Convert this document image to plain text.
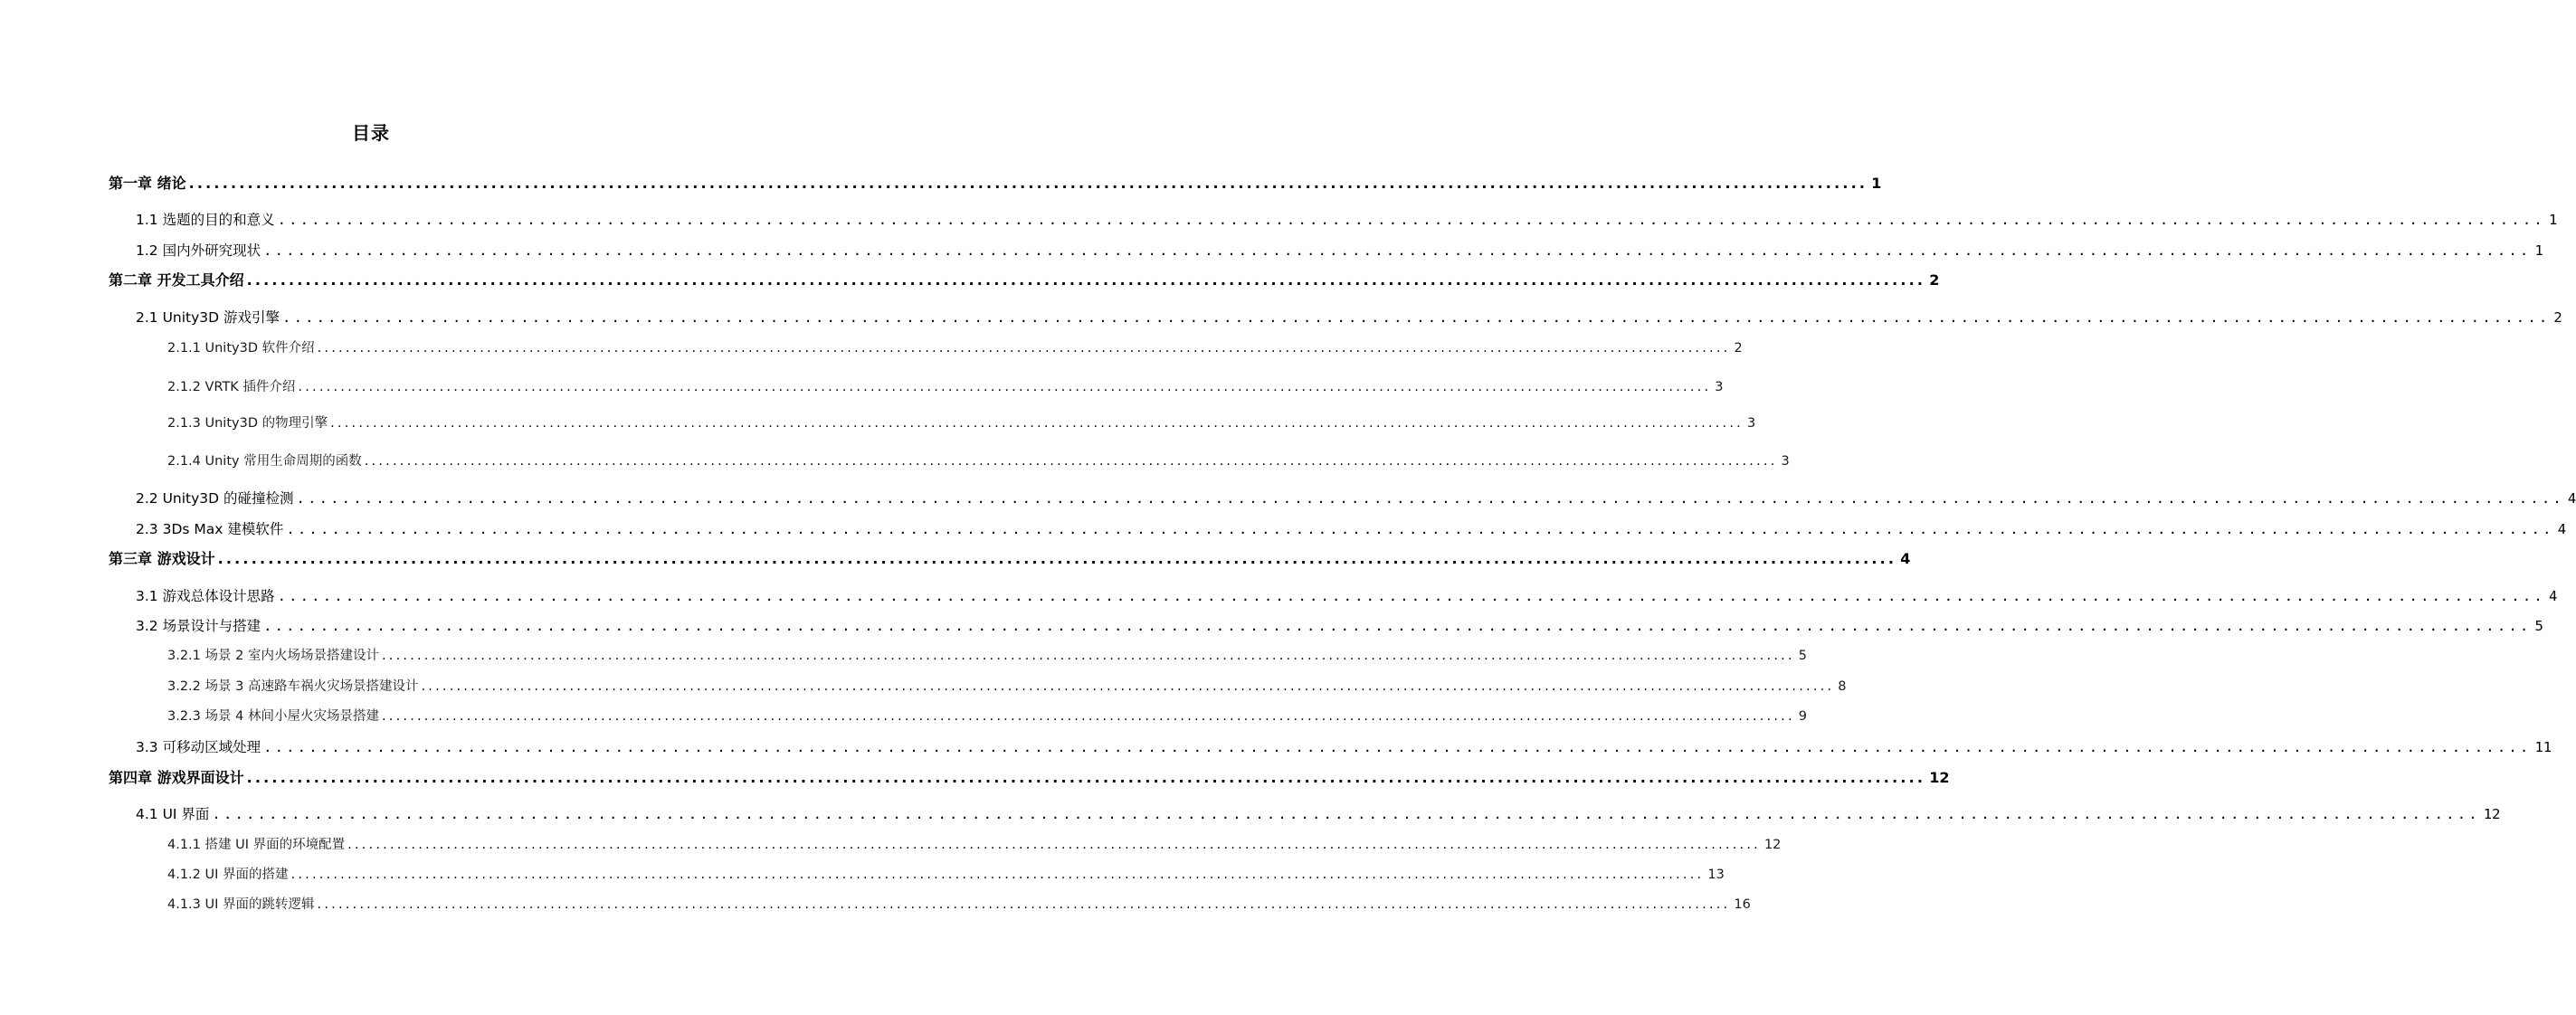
目录
第一章 绪论 ........................................................................................................................................................................................................ 1
1.1 选题的目的和意义 ........................................................................................................................................................................................................ 1
1.2 国内外研究现状 ........................................................................................................................................................................................................ 1
第二章 开发工具介绍 ........................................................................................................................................................................................................ 2
2.1 Unity3D 游戏引擎 ........................................................................................................................................................................................................ 2
2.1.1 Unity3D 软件介绍 ........................................................................................................................................................................................................ 2
2.1.2 VRTK 插件介绍 ........................................................................................................................................................................................................ 3
2.1.3 Unity3D 的物理引擎 ........................................................................................................................................................................................................ 3
2.1.4 Unity 常用生命周期的函数 ........................................................................................................................................................................................................ 3
2.2 Unity3D 的碰撞检测 ........................................................................................................................................................................................................ 4
2.3 3Ds Max 建模软件 ........................................................................................................................................................................................................ 4
第三章 游戏设计 ........................................................................................................................................................................................................ 4
3.1 游戏总体设计思路 ........................................................................................................................................................................................................ 4
3.2 场景设计与搭建 ........................................................................................................................................................................................................ 5
3.2.1 场景 2 室内火场场景搭建设计 ........................................................................................................................................................................................................ 5
3.2.2 场景 3 高速路车祸火灾场景搭建设计 ........................................................................................................................................................................................................ 8
3.2.3 场景 4 林间小屋火灾场景搭建 ........................................................................................................................................................................................................ 9
3.3 可移动区域处理 ........................................................................................................................................................................................................ 11
第四章 游戏界面设计 ........................................................................................................................................................................................................ 12
4.1 UI 界面 ........................................................................................................................................................................................................ 12
4.1.1 搭建 UI 界面的环境配置 ........................................................................................................................................................................................................ 12
4.1.2 UI 界面的搭建 ........................................................................................................................................................................................................ 13
4.1.3 UI 界面的跳转逻辑 ........................................................................................................................................................................................................ 16
